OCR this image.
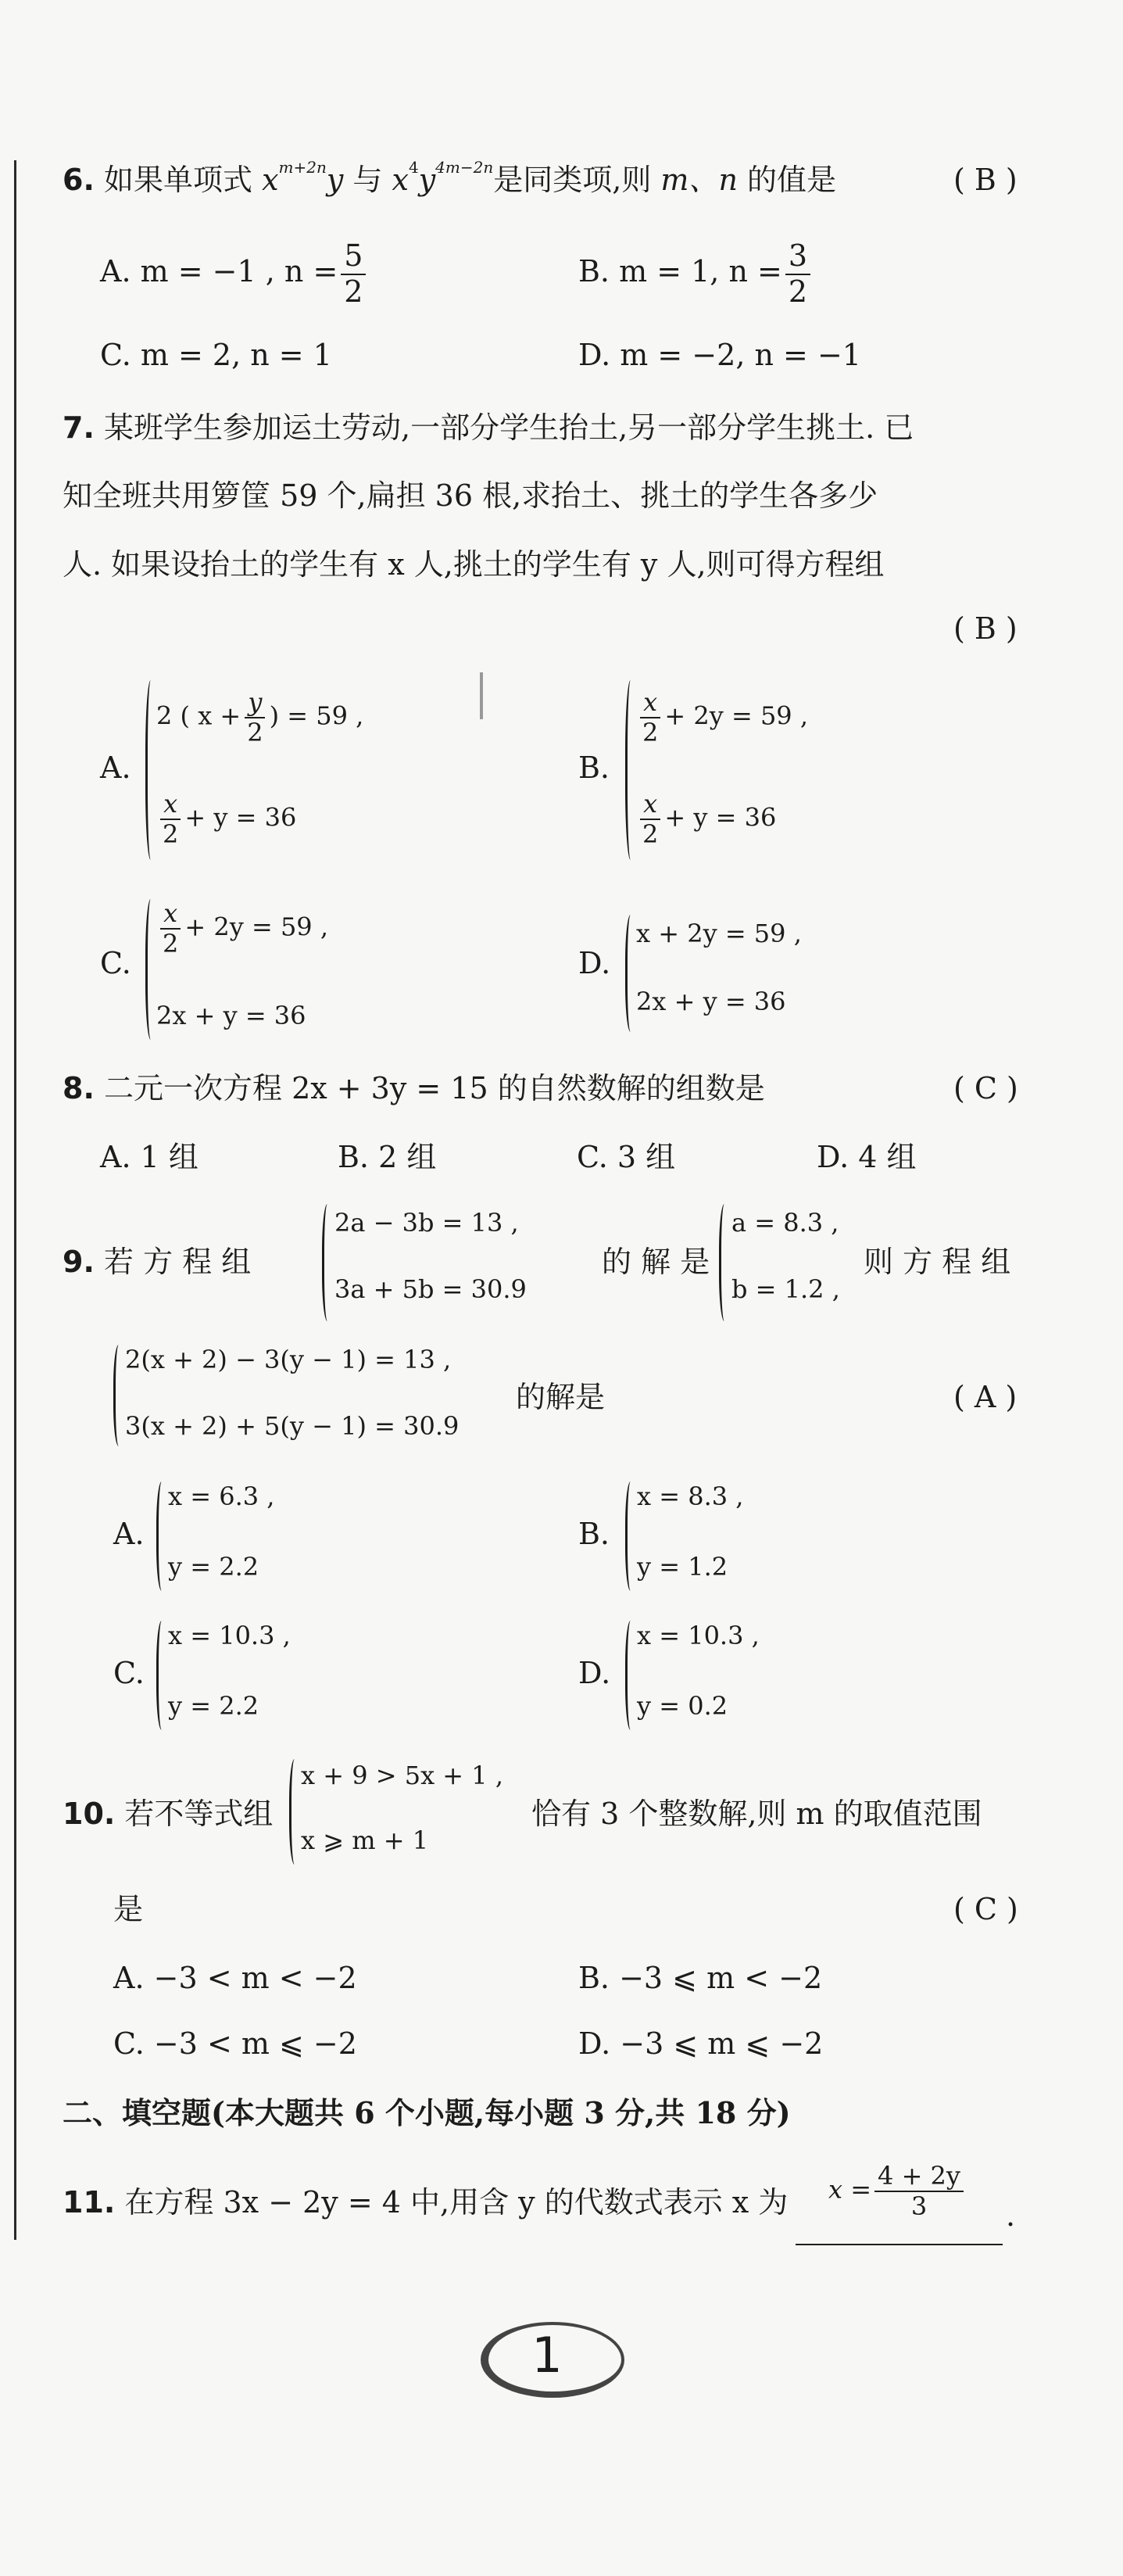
6. 如果单项式 $x^{m+2n}y$ 与 $x^4y^{4m-2n}$是同类项,则 m、n 的值是	( B )
A. m = −1 , $n = \frac{5}{2}$	B. m = 1, $n = \frac{3}{2}$
C. m = 2, n = 1	D. m = −2, n = −1
7. 某班学生参加运土劳动,一部分学生抬土,另一部分学生挑土. 已
知全班共用箩筐 59 个,扁担 36 根,求抬土、挑土的学生各多少
人. 如果设抬土的学生有 x 人,挑土的学生有 y 人,则可得方程组
( B )
A.
2 ( $x + \frac{y}{2}$ ) = 59 ,
$\frac{x}{2} + y = 36$
B.
$\frac{x}{2} + 2y = 59$ ,
$\frac{x}{2} + y = 36$
C.
$\frac{x}{2} + 2y = 59$ ,
2x + y = 36
D.
x + 2y = 59 ,
2x + y = 36
8. 二元一次方程 2x + 3y = 15 的自然数解的组数是	( C )
A. 1 组	B. 2 组	C. 3 组	D. 4 组
9. 若 方 程 组
2a − 3b = 13 ,
3a + 5b = 30.9
的 解 是
a = 8.3 ,
b = 1.2 ,
则 方 程 组
2(x + 2) − 3(y − 1) = 13 ,
3(x + 2) + 5(y − 1) = 30.9
的解是	( A )
A.
x = 6.3 ,
y = 2.2
B.
x = 8.3 ,
y = 1.2
C.
x = 10.3 ,
y = 2.2
D.
x = 10.3 ,
y = 0.2
10. 若不等式组
x + 9 > 5x + 1 ,
x ⩾ m + 1
恰有 3 个整数解,则 m 的取值范围
是	( C )
A. −3 < m < −2	B. −3 ⩽ m < −2
C. −3 < m ⩽ −2	D. −3 ⩽ m ⩽ −2
二、填空题(本大题共 6 个小题,每小题 3 分,共 18 分)
11. 在方程 3x − 2y = 4 中,用含 y 的代数式表示 x 为 $x = \frac{4 + 2y}{3}$ .
1
